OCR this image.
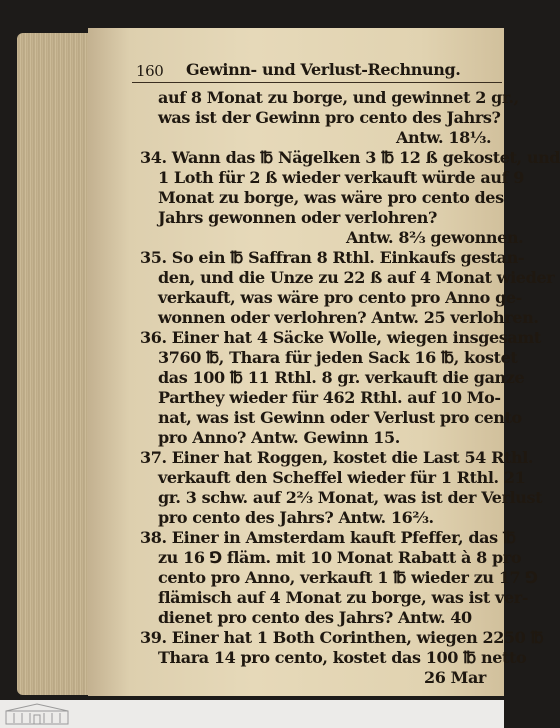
160 Gewinn- und Verlust-Rechnung.
auf 8 Monat zu borge, und gewinnet 2 gr.,
was ist der Gewinn pro cento des Jahrs?
Antw. 18⅓.
34. Wann das ℔ Nägelken 3 ℔ 12 ß gekostet, und
1 Loth für 2 ß wieder verkauft würde auf 9
Monat zu borge, was wäre pro cento des
Jahrs gewonnen oder verlohren?
Antw. 8⅔ gewonnen.
35. So ein ℔ Saffran 8 Rthl. Einkaufs gestan-
den, und die Unze zu 22 ß auf 4 Monat wieder
verkauft, was wäre pro cento pro Anno ge-
wonnen oder verlohren? Antw. 25 verlohren.
36. Einer hat 4 Säcke Wolle, wiegen insgesamt
3760 ℔, Thara für jeden Sack 16 ℔, kostet
das 100 ℔ 11 Rthl. 8 gr. verkauft die ganze
Parthey wieder für 462 Rthl. auf 10 Mo-
nat, was ist Gewinn oder Verlust pro cento
pro Anno? Antw. Gewinn 15.
37. Einer hat Roggen, kostet die Last 54 Rthl.
verkauft den Scheffel wieder für 1 Rthl. 21
gr. 3 schw. auf 2⅔ Monat, was ist der Verlust
pro cento des Jahrs? Antw. 16⅔.
38. Einer in Amsterdam kauft Pfeffer, das ℔
zu 16 ⅁ fläm. mit 10 Monat Rabatt à 8 pro
cento pro Anno, verkauft 1 ℔ wieder zu 17 ⅁
flämisch auf 4 Monat zu borge, was ist ver-
dienet pro cento des Jahrs? Antw. 40
39. Einer hat 1 Both Corinthen, wiegen 2250 ℔
Thara 14 pro cento, kostet das 100 ℔ netto
26 Mar
